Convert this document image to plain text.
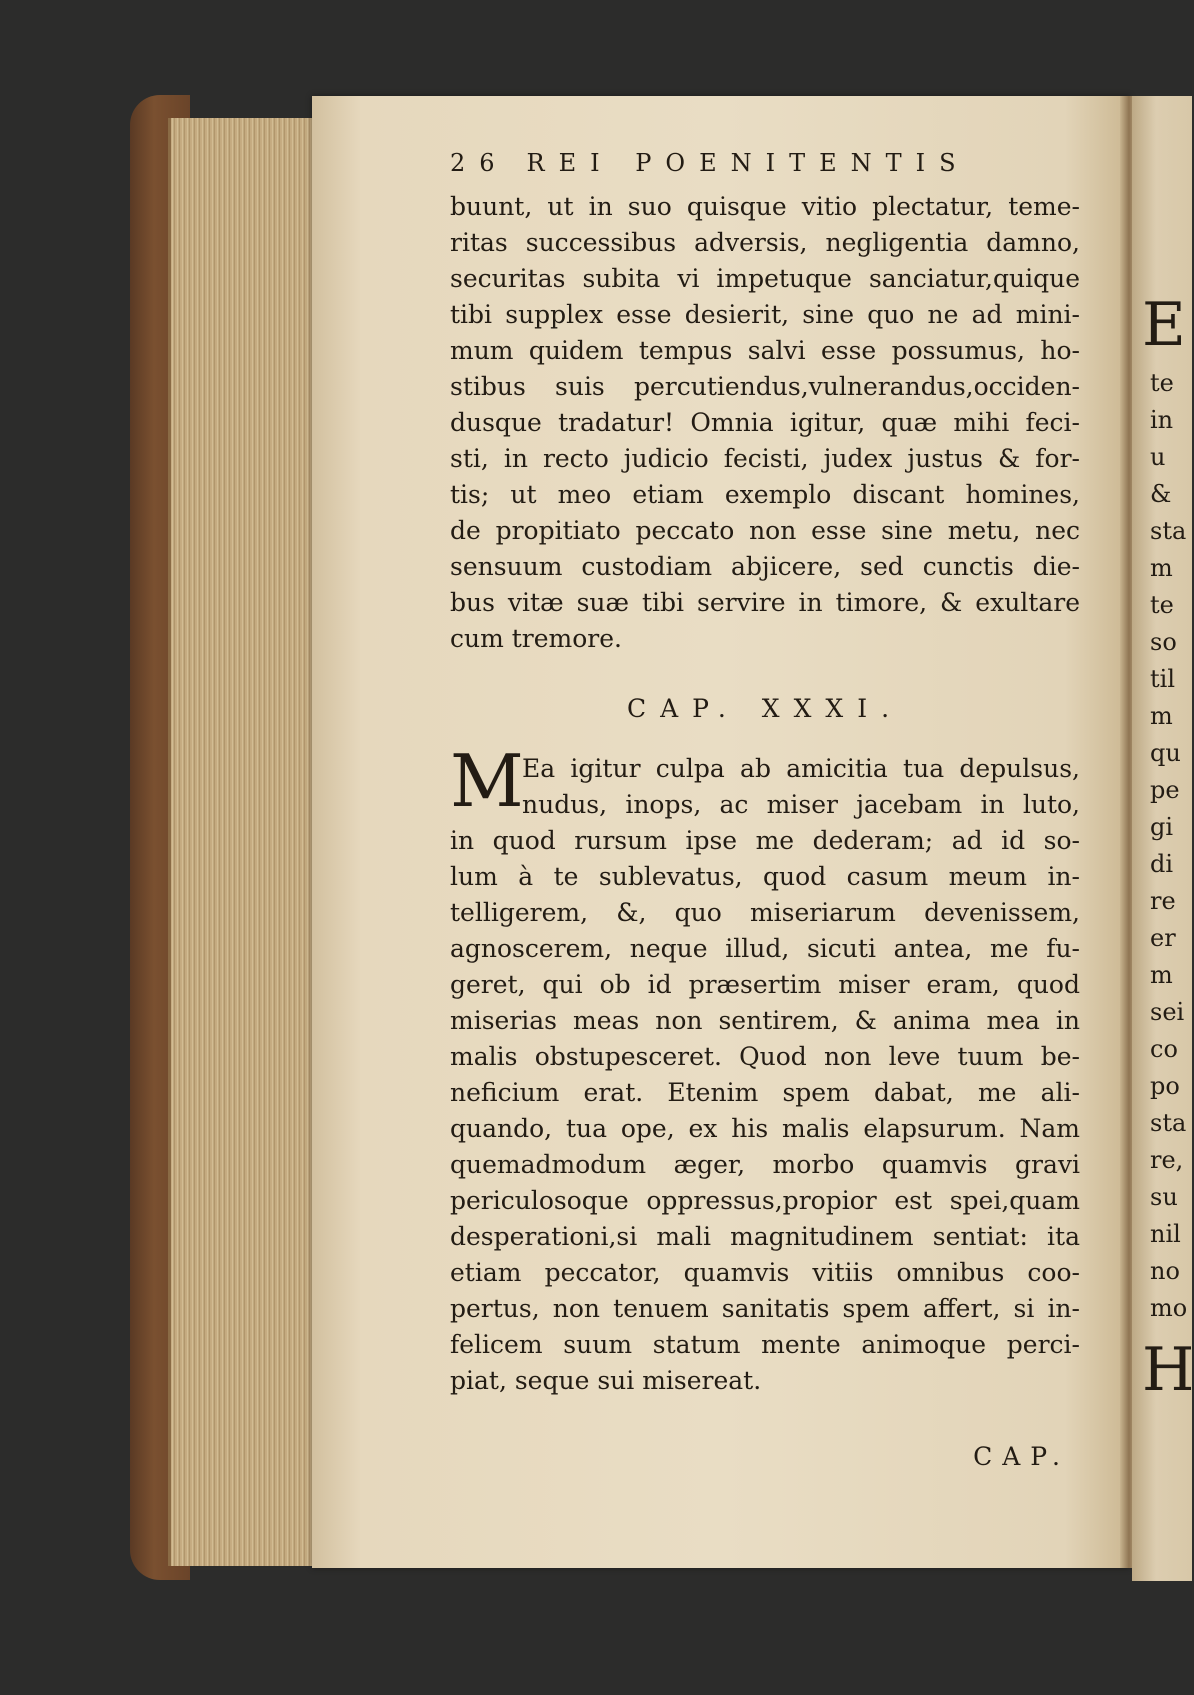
26 REI POENITENTIS
buunt, ut in suo quisque vitio plectatur, teme-
ritas successibus adversis, negligentia damno,
securitas subita vi impetuque sanciatur,quique
tibi supplex esse desierit, sine quo ne ad mini-
mum quidem tempus salvi esse possumus, ho-
stibus suis percutiendus,vulnerandus,occiden-
dusque tradatur! Omnia igitur, quæ mihi feci-
sti, in recto judicio fecisti, judex justus & for-
tis; ut meo etiam exemplo discant homines,
de propitiato peccato non esse sine metu, nec
sensuum custodiam abjicere, sed cunctis die-
bus vitæ suæ tibi servire in timore, & exultare
cum tremore.
CAP. XXXI.
M
Ea igitur culpa ab amicitia tua depulsus,
nudus, inops, ac miser jacebam in luto,
in quod rursum ipse me dederam; ad id so-
lum à te sublevatus, quod casum meum in-
telligerem, &, quo miseriarum devenissem,
agnoscerem, neque illud, sicuti antea, me fu-
geret, qui ob id præsertim miser eram, quod
miserias meas non sentirem, & anima mea in
malis obstupesceret. Quod non leve tuum be-
neficium erat. Etenim spem dabat, me ali-
quando, tua ope, ex his malis elapsurum. Nam
quemadmodum æger, morbo quamvis gravi
periculosoque oppressus,propior est spei,quam
desperationi,si mali magnitudinem sentiat: ita
etiam peccator, quamvis vitiis omnibus coo-
pertus, non tenuem sanitatis spem affert, si in-
felicem suum statum mente animoque perci-
piat, seque sui misereat.
CAP.
E
te
in
u
&
sta
m
te
so
til
m
qu
pe
gi
di
re
er
m
sei
co
po
sta
re,
su
nil
no
mo
H
